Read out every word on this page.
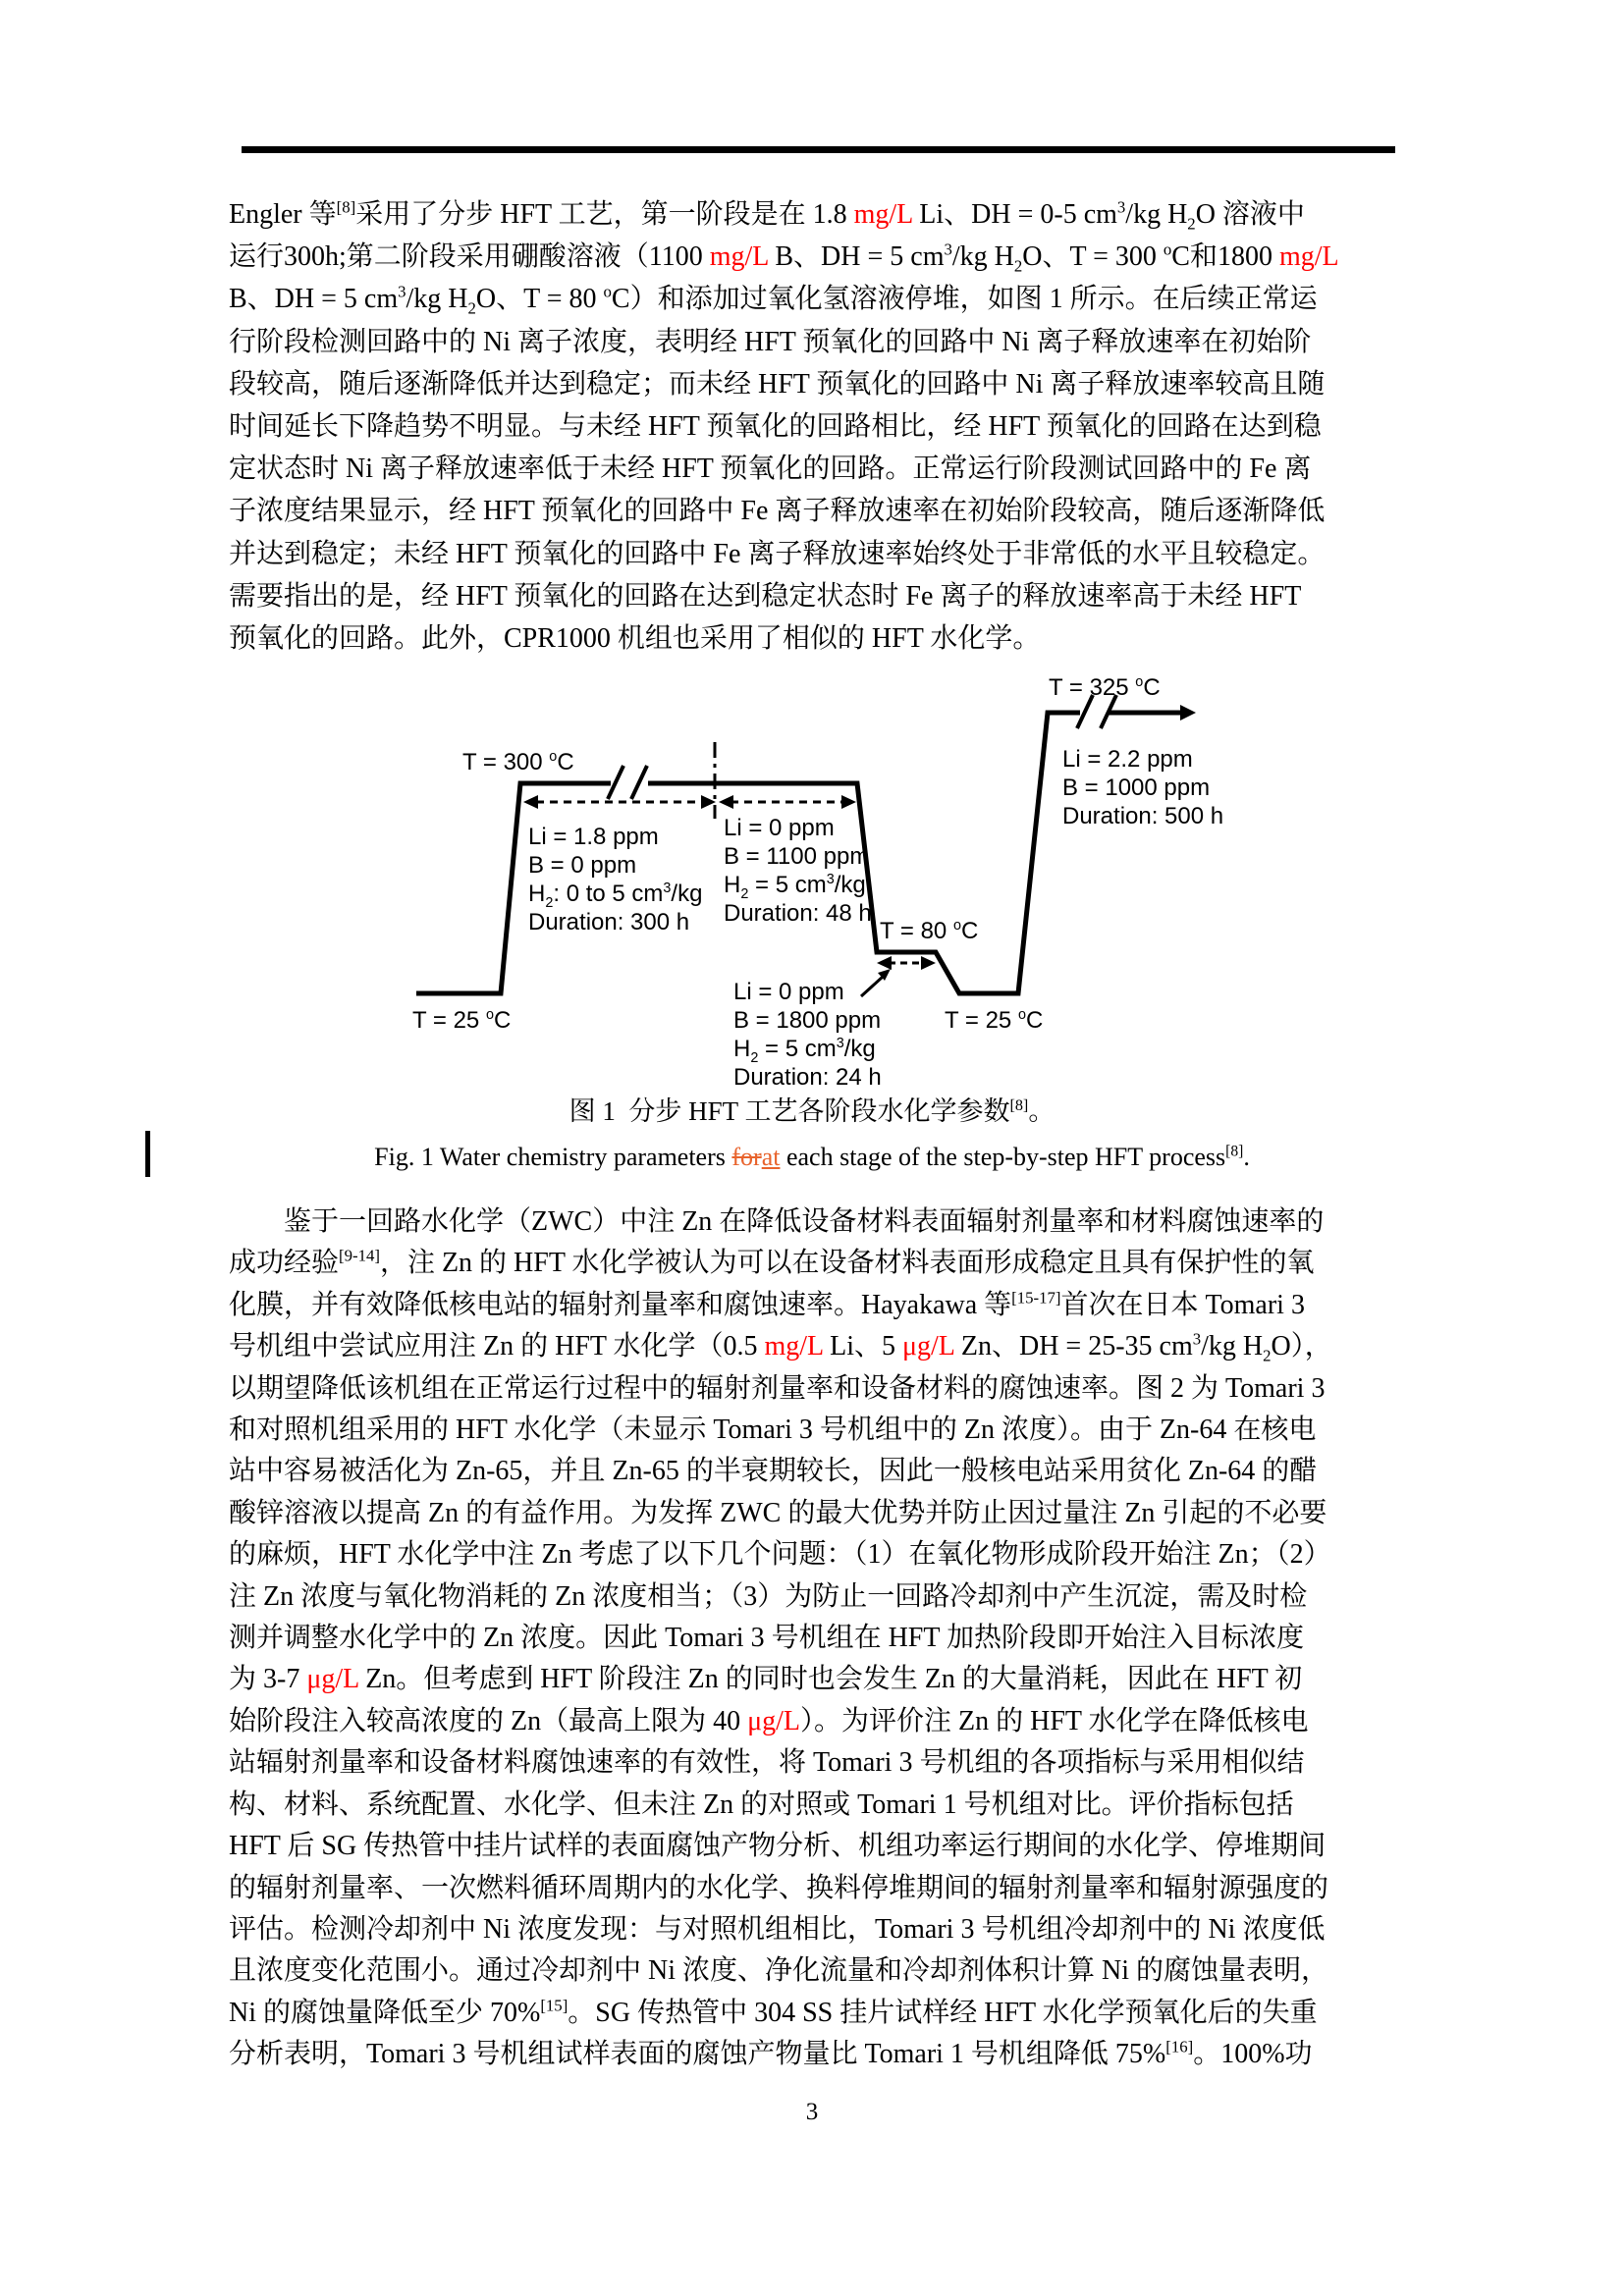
Engler 等[8]采用了分步 HFT 工艺，第一阶段是在 1.8 mg/L Li、DH = 0-5 $cm^3/kg$ $H_2O$ 溶液中
运行300h;第二阶段采用硼酸溶液（1100 mg/L B、DH = 5 $cm^3/kg$ $H_2O$、T = 300 $^o$C和1800 mg/L
B、DH = 5 $cm^3/kg$ $H_2O$、T = 80 $^o$C）和添加过氧化氢溶液停堆，如图 1 所示。在后续正常运
行阶段检测回路中的 Ni 离子浓度，表明经 HFT 预氧化的回路中 Ni 离子释放速率在初始阶
段较高，随后逐渐降低并达到稳定；而未经 HFT 预氧化的回路中 Ni 离子释放速率较高且随
时间延长下降趋势不明显。与未经 HFT 预氧化的回路相比，经 HFT 预氧化的回路在达到稳
定状态时 Ni 离子释放速率低于未经 HFT 预氧化的回路。正常运行阶段测试回路中的 Fe 离
子浓度结果显示，经 HFT 预氧化的回路中 Fe 离子释放速率在初始阶段较高，随后逐渐降低
并达到稳定；未经 HFT 预氧化的回路中 Fe 离子释放速率始终处于非常低的水平且较稳定。
需要指出的是，经 HFT 预氧化的回路在达到稳定状态时 Fe 离子的释放速率高于未经 HFT
预氧化的回路。此外，CPR1000 机组也采用了相似的 HFT 水化学。
T = 300 $^o$C
T = 25 $^o$C
T = 80 $^o$C
T = 25 $^o$C
T = 325 $^o$C
Li = 1.8 ppm
B = 0 ppm
$H_2$: 0 to 5 $cm^3/kg$
Duration: 300 h
Li = 0 ppm
B = 1100 ppm
$H_2 = 5$ $cm^3/kg$
Duration: 48 h
Li = 0 ppm
B = 1800 ppm
$H_2 = 5$ $cm^3/kg$
Duration: 24 h
Li = 2.2 ppm
B = 1000 ppm
Duration: 500 h
图 1  分步 HFT 工艺各阶段水化学参数[8]。
Fig. 1 Water chemistry parameters forat each stage of the step-by-step HFT process[8].
　　鉴于一回路水化学（ZWC）中注 Zn 在降低设备材料表面辐射剂量率和材料腐蚀速率的
成功经验[9-14]，注 Zn 的 HFT 水化学被认为可以在设备材料表面形成稳定且具有保护性的氧
化膜，并有效降低核电站的辐射剂量率和腐蚀速率。Hayakawa 等[15-17]首次在日本 Tomari 3
号机组中尝试应用注 Zn 的 HFT 水化学（0.5 mg/L Li、5 μg/L Zn、DH = 25-35 $cm^3/kg$ $H_2O$），
以期望降低该机组在正常运行过程中的辐射剂量率和设备材料的腐蚀速率。图 2 为 Tomari 3
和对照机组采用的 HFT 水化学（未显示 Tomari 3 号机组中的 Zn 浓度）。由于 Zn-64 在核电
站中容易被活化为 Zn-65，并且 Zn-65 的半衰期较长，因此一般核电站采用贫化 Zn-64 的醋
酸锌溶液以提高 Zn 的有益作用。为发挥 ZWC 的最大优势并防止因过量注 Zn 引起的不必要
的麻烦，HFT 水化学中注 Zn 考虑了以下几个问题：（1）在氧化物形成阶段开始注 Zn；（2）
注 Zn 浓度与氧化物消耗的 Zn 浓度相当；（3）为防止一回路冷却剂中产生沉淀，需及时检
测并调整水化学中的 Zn 浓度。因此 Tomari 3 号机组在 HFT 加热阶段即开始注入目标浓度
为 3-7 μg/L Zn。但考虑到 HFT 阶段注 Zn 的同时也会发生 Zn 的大量消耗，因此在 HFT 初
始阶段注入较高浓度的 Zn（最高上限为 40 μg/L）。为评价注 Zn 的 HFT 水化学在降低核电
站辐射剂量率和设备材料腐蚀速率的有效性，将 Tomari 3 号机组的各项指标与采用相似结
构、材料、系统配置、水化学、但未注 Zn 的对照或 Tomari 1 号机组对比。评价指标包括
HFT 后 SG 传热管中挂片试样的表面腐蚀产物分析、机组功率运行期间的水化学、停堆期间
的辐射剂量率、一次燃料循环周期内的水化学、换料停堆期间的辐射剂量率和辐射源强度的
评估。检测冷却剂中 Ni 浓度发现：与对照机组相比，Tomari 3 号机组冷却剂中的 Ni 浓度低
且浓度变化范围小。通过冷却剂中 Ni 浓度、净化流量和冷却剂体积计算 Ni 的腐蚀量表明，
Ni 的腐蚀量降低至少 70%[15]。SG 传热管中 304 SS 挂片试样经 HFT 水化学预氧化后的失重
分析表明，Tomari 3 号机组试样表面的腐蚀产物量比 Tomari 1 号机组降低 75%[16]。100%功
3
